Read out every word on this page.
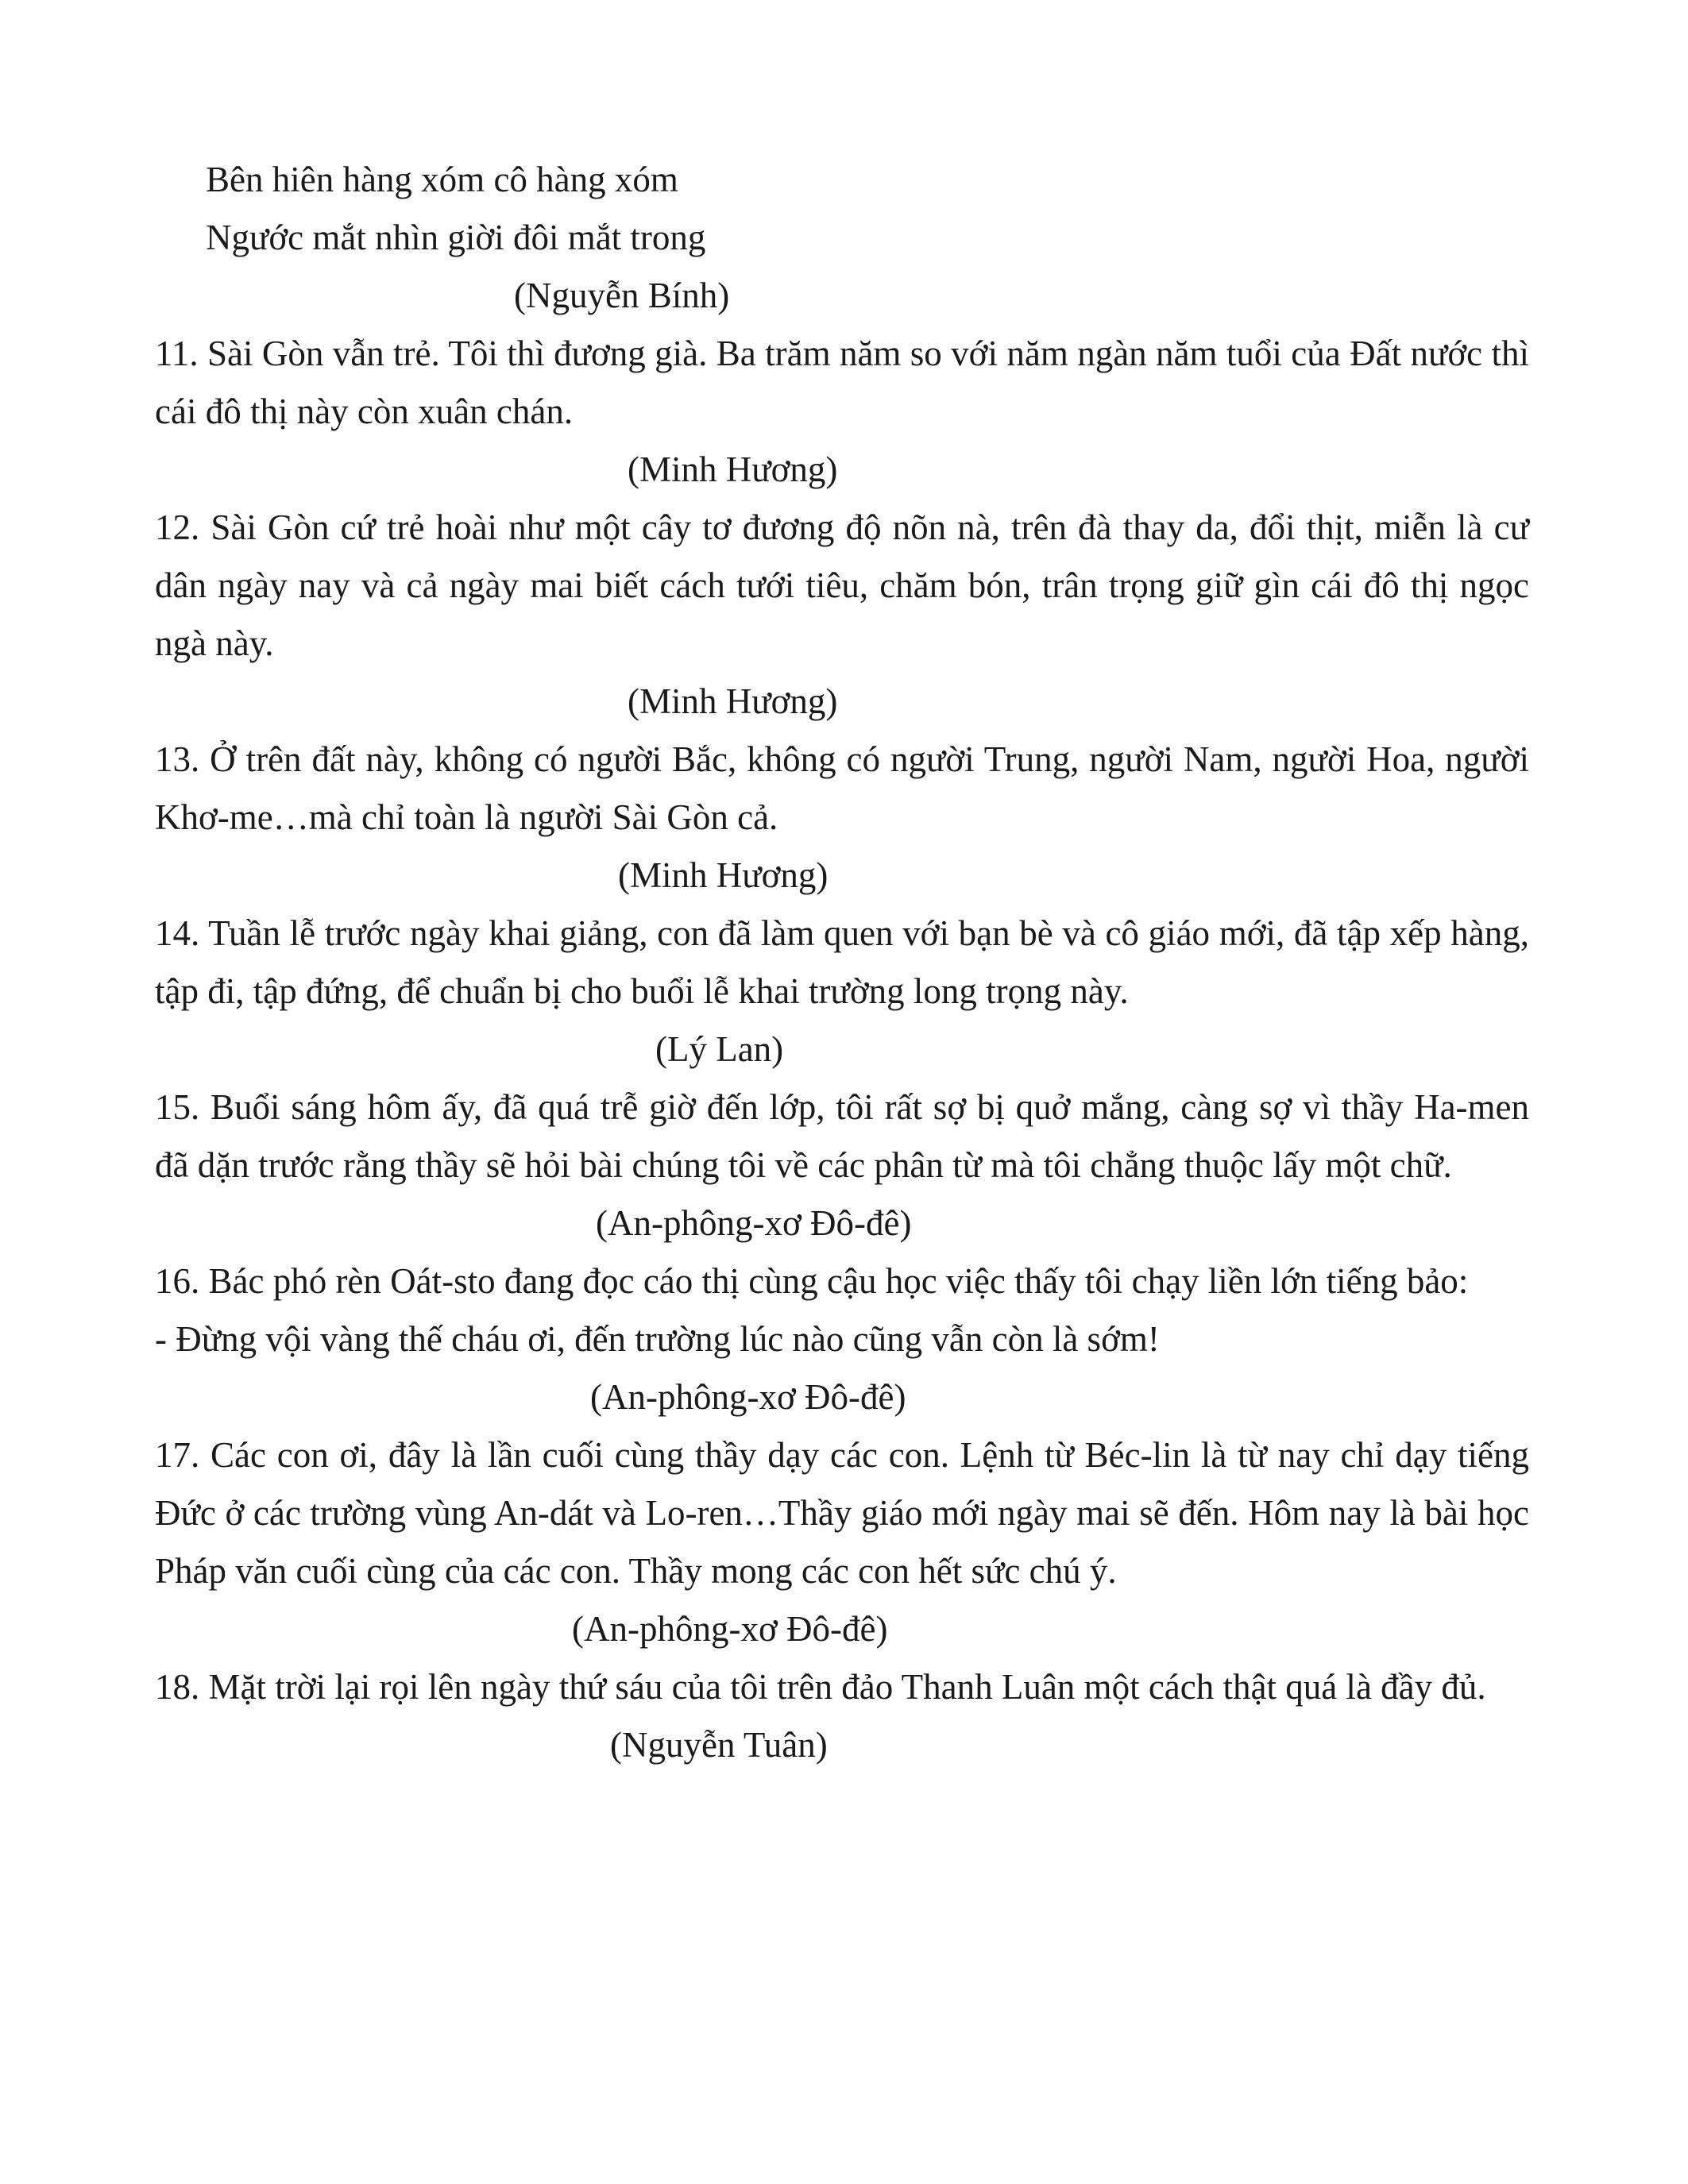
Bên hiên hàng xóm cô hàng xóm

Ngước mắt nhìn giời đôi mắt trong

(Nguyễn Bính)

11. Sài Gòn vẫn trẻ. Tôi thì đương già. Ba trăm năm so với năm ngàn năm tuổi của Đất nước thì cái đô thị này còn xuân chán.

(Minh Hương)

12. Sài Gòn cứ trẻ hoài như một cây tơ đương độ nõn nà, trên đà thay da, đổi thịt, miễn là cư dân ngày nay và cả ngày mai biết cách tưới tiêu, chăm bón, trân trọng giữ gìn cái đô thị ngọc ngà này.

(Minh Hương)

13. Ở trên đất này, không có người Bắc, không có người Trung, người Nam, người Hoa, người Khơ-me…mà chỉ toàn là người Sài Gòn cả.

(Minh Hương)

14. Tuần lễ trước ngày khai giảng, con đã làm quen với bạn bè và cô giáo mới, đã tập xếp hàng, tập đi, tập đứng, để chuẩn bị cho buổi lễ khai trường long trọng này.

(Lý Lan)

15. Buổi sáng hôm ấy, đã quá trễ giờ đến lớp, tôi rất sợ bị quở mắng, càng sợ vì thầy Ha-men đã dặn trước rằng thầy sẽ hỏi bài chúng tôi về các phân từ mà tôi chẳng thuộc lấy một chữ.

(An-phông-xơ Đô-đê)

16. Bác phó rèn Oát-sto đang đọc cáo thị cùng cậu học việc thấy tôi chạy liền lớn tiếng bảo:

- Đừng vội vàng thế cháu ơi, đến trường lúc nào cũng vẫn còn là sớm!

(An-phông-xơ Đô-đê)

17. Các con ơi, đây là lần cuối cùng thầy dạy các con. Lệnh từ Béc-lin là từ nay chỉ dạy tiếng Đức ở các trường vùng An-dát và Lo-ren…Thầy giáo mới ngày mai sẽ đến. Hôm nay là bài học Pháp văn cuối cùng của các con. Thầy mong các con hết sức chú ý.

(An-phông-xơ Đô-đê)

18. Mặt trời lại rọi lên ngày thứ sáu của tôi trên đảo Thanh Luân một cách thật quá là đầy đủ.

(Nguyễn Tuân)
